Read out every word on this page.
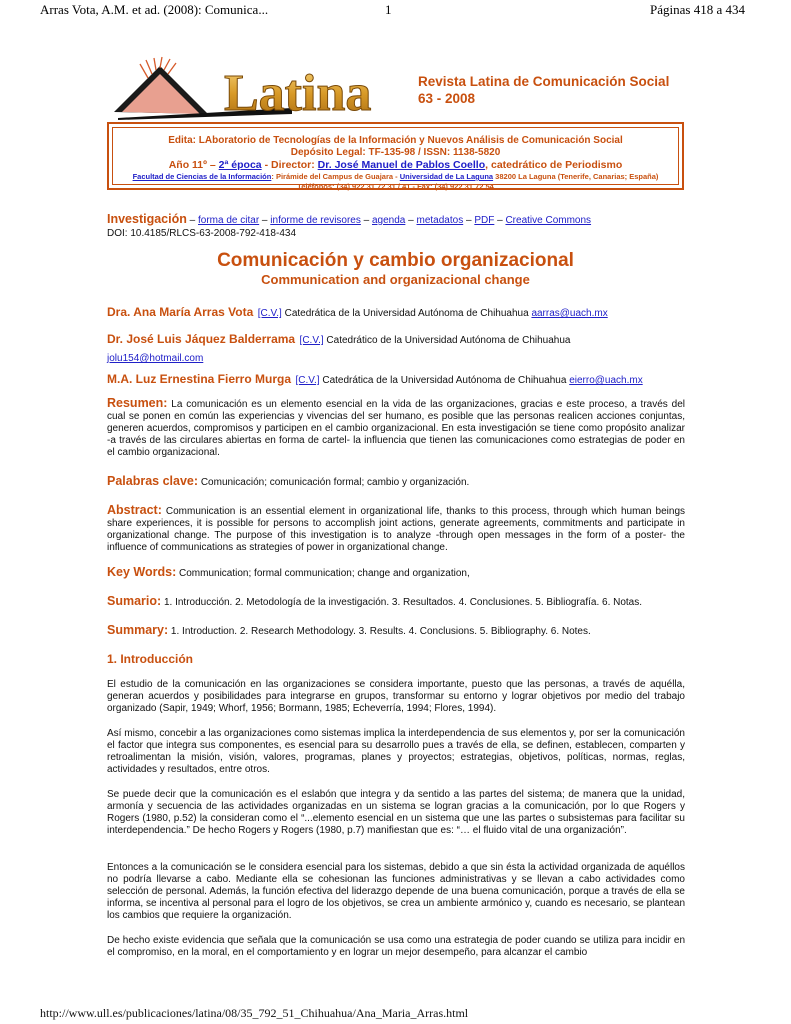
Arras Vota, A.M. et ad. (2008): Comunica...	1	Páginas 418 a 434
Latina	Revista Latina de Comunicación Social
63 - 2008
Edita: LAboratorio de Tecnologías de la Información y Nuevos Análisis de Comunicación Social
Depósito Legal: TF-135-98 / ISSN: 1138-5820
Año 11º – 2ª época - Director: Dr. José Manuel de Pablos Coello, catedrático de Periodismo
Facultad de Ciencias de la Información: Pirámide del Campus de Guajara - Universidad de La Laguna 38200 La Laguna (Tenerife, Canarias; España)
Teléfonos: (34) 922 31 72 31 / 41 - Fax: (34) 922 31 72 54
Investigación – forma de citar – informe de revisores – agenda – metadatos – PDF – Creative Commons
DOI: 10.4185/RLCS-63-2008-792-418-434
Comunicación y cambio organizacional
Communication and organizacional change
Dra. Ana María Arras Vota [C.V.] Catedrática de la Universidad Autónoma de Chihuahua aarras@uach.mx
Dr. José Luis Jáquez Balderrama [C.V.] Catedrático de la Universidad Autónoma de Chihuahua
jolu154@hotmail.com
M.A. Luz Ernestina Fierro Murga [C.V.] Catedrática de la Universidad Autónoma de Chihuahua eierro@uach.mx
Resumen: La comunicación es un elemento esencial en la vida de las organizaciones, gracias e este proceso, a través del cual se ponen en común las experiencias y vivencias del ser humano, es posible que las personas realicen acciones conjuntas, generen acuerdos, compromisos y participen en el cambio organizacional. En esta investigación se tiene como propósito analizar -a través de las circulares abiertas en forma de cartel- la influencia que tienen las comunicaciones como estrategias de poder en el cambio organizacional.
Palabras clave: Comunicación; comunicación formal; cambio y organización.
Abstract: Communication is an essential element in organizational life, thanks to this process, through which human beings share experiences, it is possible for persons to accomplish joint actions, generate agreements, commitments and participate in organizational change. The purpose of this investigation is to analyze -through open messages in the form of a poster- the influence of communications as strategies of power in organizational change.
Key Words: Communication; formal communication; change and organization,
Sumario: 1. Introducción. 2. Metodología de la investigación. 3. Resultados. 4. Conclusiones. 5. Bibliografía. 6. Notas.
Summary: 1. Introduction. 2. Research Methodology. 3. Results. 4. Conclusions. 5. Bibliography. 6. Notes.
1. Introducción
El estudio de la comunicación en las organizaciones se considera importante, puesto que las personas, a través de aquélla, generan acuerdos y posibilidades para integrarse en grupos, transformar su entorno y lograr objetivos por medio del trabajo organizado (Sapir, 1949; Whorf, 1956; Bormann, 1985; Echeverría, 1994; Flores, 1994).
Así mismo, concebir a las organizaciones como sistemas implica la interdependencia de sus elementos y, por ser la comunicación el factor que integra sus componentes, es esencial para su desarrollo pues a través de ella, se definen, establecen, comparten y retroalimentan la misión, visión, valores, programas, planes y proyectos; estrategias, objetivos, políticas, normas, reglas, actividades y resultados, entre otros.
Se puede decir que la comunicación es el eslabón que integra y da sentido a las partes del sistema; de manera que la unidad, armonía y secuencia de las actividades organizadas en un sistema se logran gracias a la comunicación, por lo que Rogers y Rogers (1980, p.52) la consideran como el “...elemento esencial en un sistema que une las partes o subsistemas para facilitar su interdependencia.” De hecho Rogers y Rogers (1980, p.7) manifiestan que es: “… el fluido vital de una organización”.
Entonces a la comunicación se le considera esencial para los sistemas, debido a que sin ésta la actividad organizada de aquéllos no podría llevarse a cabo. Mediante ella se cohesionan las funciones administrativas y se llevan a cabo actividades como selección de personal. Además, la función efectiva del liderazgo depende de una buena comunicación, porque a través de ella se informa, se incentiva al personal para el logro de los objetivos, se crea un ambiente armónico y, cuando es necesario, se plantean los cambios que requiere la organización.
De hecho existe evidencia que señala que la comunicación se usa como una estrategia de poder cuando se utiliza para incidir en el compromiso, en la moral, en el comportamiento y en lograr un mejor desempeño, para alcanzar el cambio
http://www.ull.es/publicaciones/latina/08/35_792_51_Chihuahua/Ana_Maria_Arras.html
